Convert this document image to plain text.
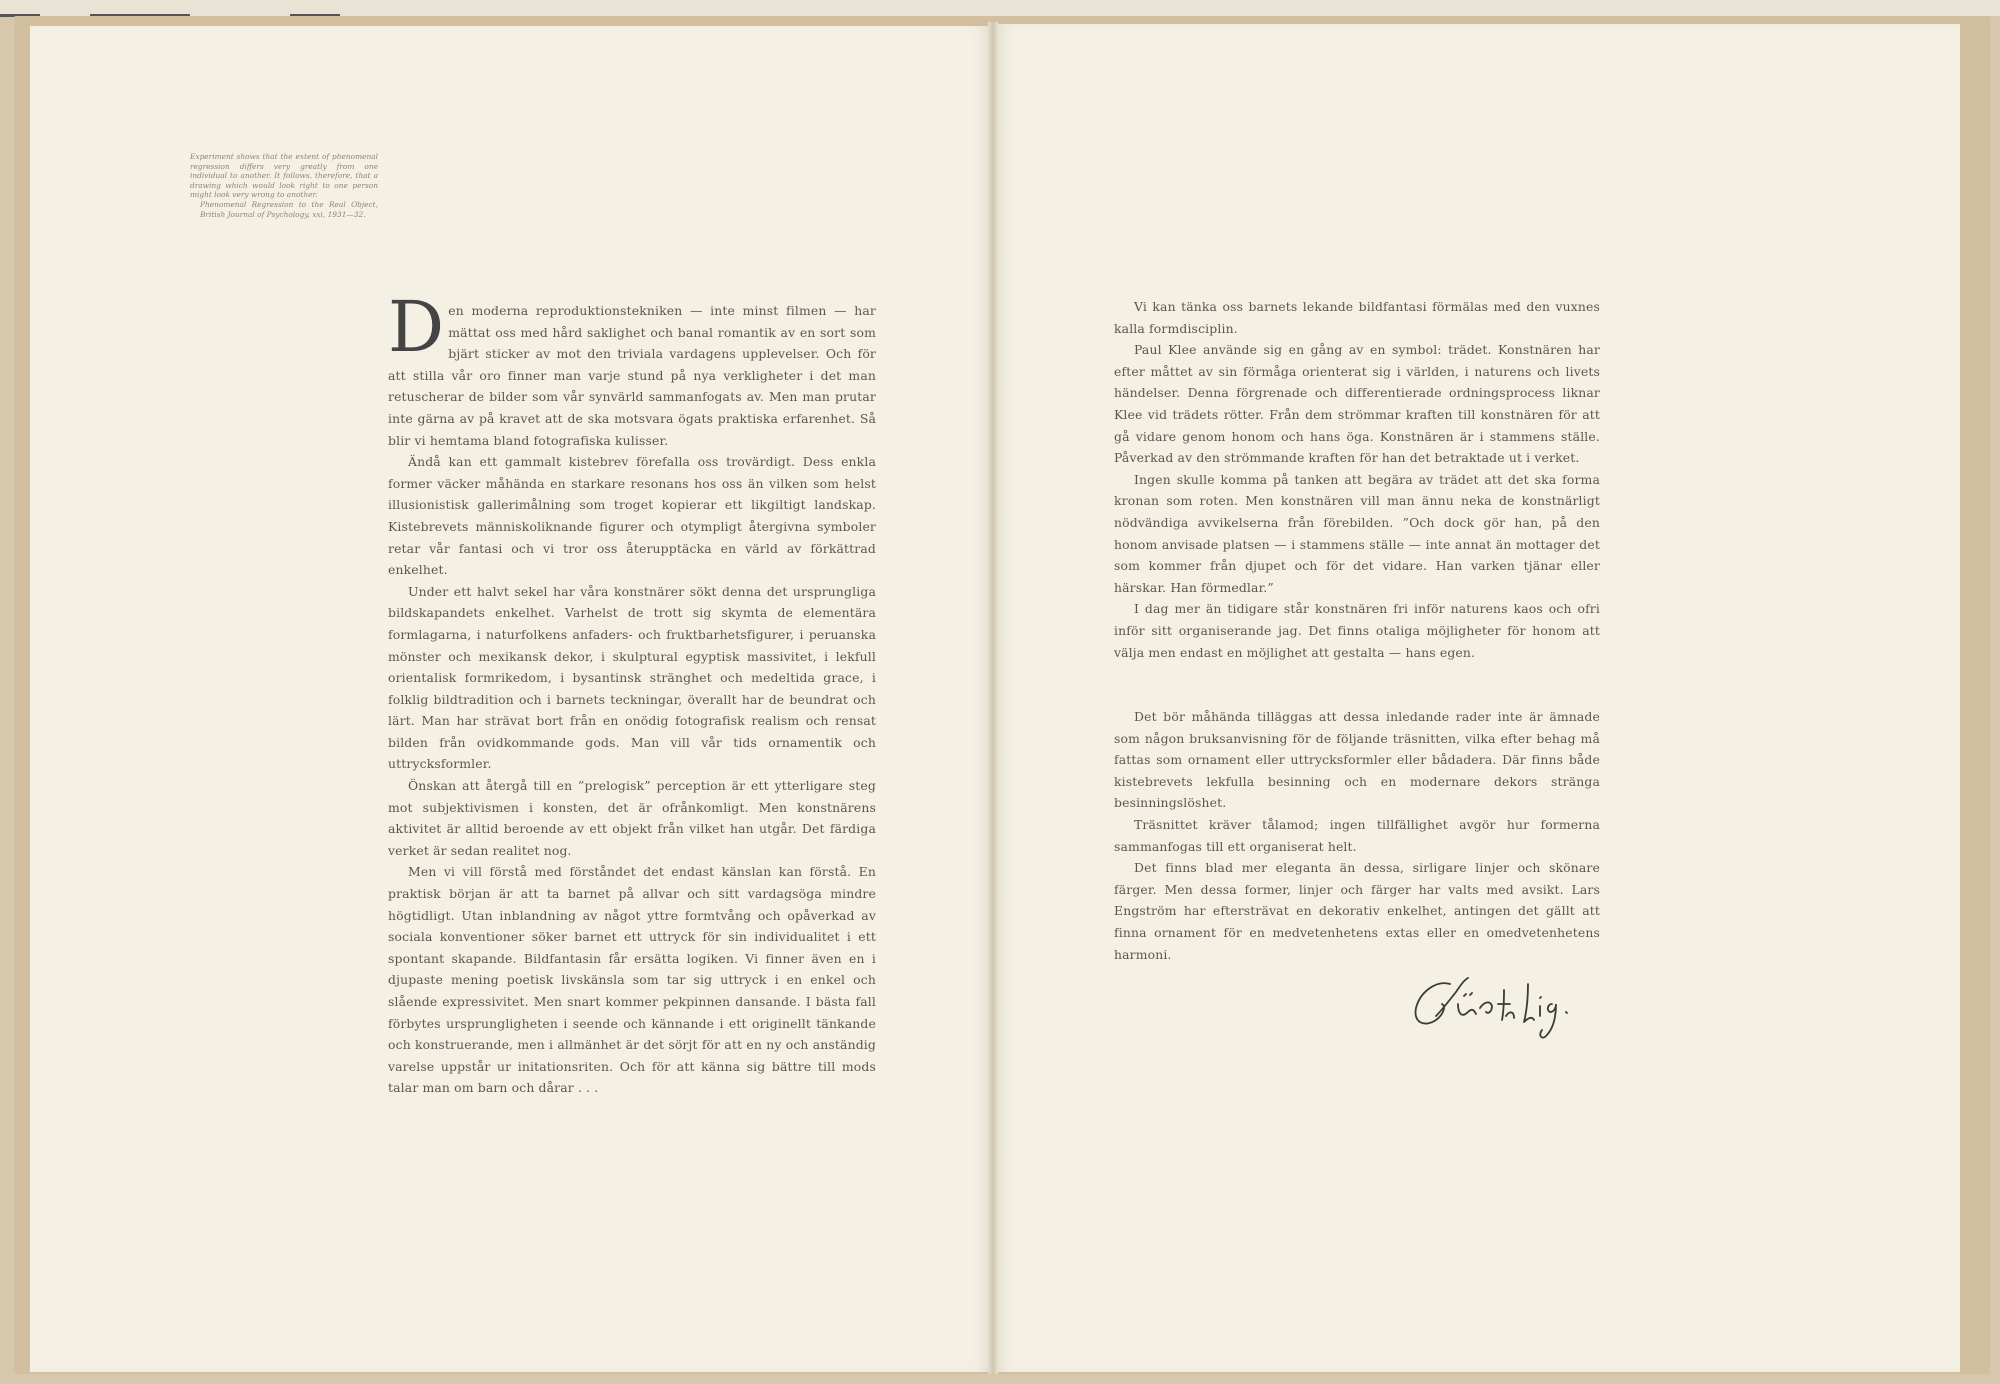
Experiment shows that the extent of phenomenal regression differs very greatly from one individual to another. It follows, therefore, that a drawing which would look right to one person might look very wrong to another.
Phenomenal Regression to the Real Object, British Journal of Psychology, xxi, 1931—32.

Den moderna reproduktionstekniken — inte minst filmen — har mättat oss med hård saklighet och banal romantik av en sort som bjärt sticker av mot den triviala vardagens upplevelser. Och för att stilla vår oro finner man varje stund på nya verkligheter i det man retuscherar de bilder som vår synvärld sammanfogats av. Men man prutar inte gärna av på kravet att de ska motsvara ögats praktiska erfarenhet. Så blir vi hemtama bland fotografiska kulisser.

Ändå kan ett gammalt kistebrev förefalla oss trovärdigt. Dess enkla former väcker måhända en starkare resonans hos oss än vilken som helst illusionistisk gallerimålning som troget kopierar ett likgiltigt landskap. Kistebrevets människoliknande figurer och otympligt återgivna symboler retar vår fantasi och vi tror oss återupptäcka en värld av förkättrad enkelhet.

Under ett halvt sekel har våra konstnärer sökt denna det ursprungliga bildskapandets enkelhet. Varhelst de trott sig skymta de elementära formlagarna, i naturfolkens anfaders- och fruktbarhetsfigurer, i peruanska mönster och mexikansk dekor, i skulptural egyptisk massivitet, i lekfull orientalisk formrikedom, i bysantinsk stränghet och medeltida grace, i folklig bildtradition och i barnets teckningar, överallt har de beundrat och lärt. Man har strävat bort från en onödig fotografisk realism och rensat bilden från ovidkommande gods. Man vill vår tids ornamentik och uttrycksformler.

Önskan att återgå till en ”prelogisk” perception är ett ytterligare steg mot subjektivismen i konsten, det är ofrånkomligt. Men konstnärens aktivitet är alltid beroende av ett objekt från vilket han utgår. Det färdiga verket är sedan realitet nog.

Men vi vill förstå med förståndet det endast känslan kan förstå. En praktisk början är att ta barnet på allvar och sitt vardagsöga mindre högtidligt. Utan inblandning av något yttre formtvång och opåverkad av sociala konventioner söker barnet ett uttryck för sin individualitet i ett spontant skapande. Bildfantasin får ersätta logiken. Vi finner även en i djupaste mening poetisk livskänsla som tar sig uttryck i en enkel och slående expressivitet. Men snart kommer pekpinnen dansande. I bästa fall förbytes ursprungligheten i seende och kännande i ett originellt tänkande och konstruerande, men i allmänhet är det sörjt för att en ny och anständig varelse uppstår ur initationsriten. Och för att känna sig bättre till mods talar man om barn och dårar . . .

Vi kan tänka oss barnets lekande bildfantasi förmälas med den vuxnes kalla formdisciplin.

Paul Klee använde sig en gång av en symbol: trädet. Konstnären har efter måttet av sin förmåga orienterat sig i världen, i naturens och livets händelser. Denna förgrenade och differentierade ordningsprocess liknar Klee vid trädets rötter. Från dem strömmar kraften till konstnären för att gå vidare genom honom och hans öga. Konstnären är i stammens ställe. Påverkad av den strömmande kraften för han det betraktade ut i verket.

Ingen skulle komma på tanken att begära av trädet att det ska forma kronan som roten. Men konstnären vill man ännu neka de konstnärligt nödvändiga avvikelserna från förebilden. ”Och dock gör han, på den honom anvisade platsen — i stammens ställe — inte annat än mottager det som kommer från djupet och för det vidare. Han varken tjänar eller härskar. Han förmedlar.”

I dag mer än tidigare står konstnären fri inför naturens kaos och ofri inför sitt organiserande jag. Det finns otaliga möjligheter för honom att välja men endast en möjlighet att gestalta — hans egen.

Det bör måhända tilläggas att dessa inledande rader inte är ämnade som någon bruksanvisning för de följande träsnitten, vilka efter behag må fattas som ornament eller uttrycksformler eller bådadera. Där finns både kistebrevets lekfulla besinning och en modernare dekors stränga besinningslöshet.

Träsnittet kräver tålamod; ingen tillfällighet avgör hur formerna sammanfogas till ett organiserat helt.

Det finns blad mer eleganta än dessa, sirligare linjer och skönare färger. Men dessa former, linjer och färger har valts med avsikt. Lars Engström har eftersträvat en dekorativ enkelhet, antingen det gällt att finna ornament för en medvetenhetens extas eller en omedvetenhetens harmoni.
